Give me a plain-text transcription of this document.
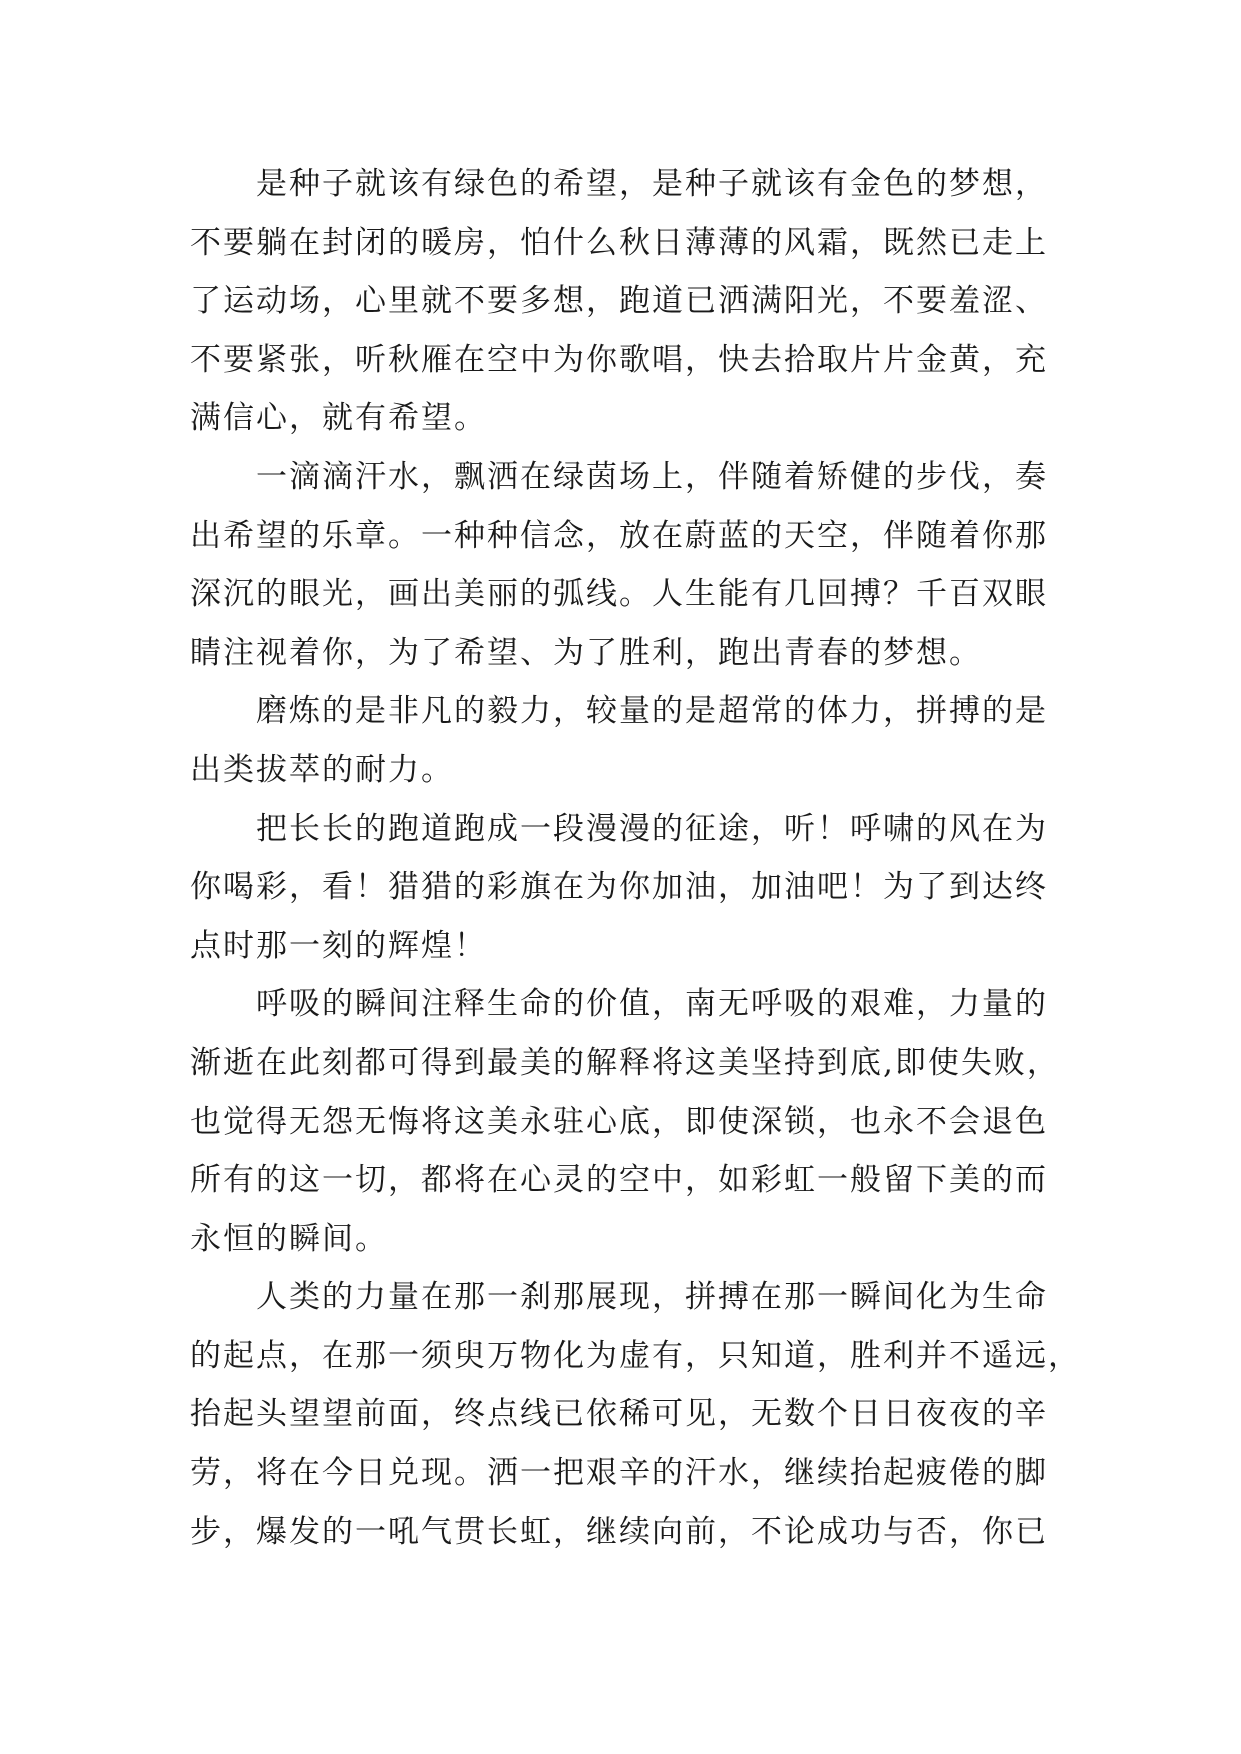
是种子就该有绿色的希望，是种子就该有金色的梦想，
不要躺在封闭的暖房，怕什么秋日薄薄的风霜，既然已走上
了运动场，心里就不要多想，跑道已洒满阳光，不要羞涩、
不要紧张，听秋雁在空中为你歌唱，快去拾取片片金黄，充
满信心，就有希望。
一滴滴汗水，飘洒在绿茵场上，伴随着矫健的步伐，奏
出希望的乐章。一种种信念，放在蔚蓝的天空，伴随着你那
深沉的眼光，画出美丽的弧线。人生能有几回搏？千百双眼
睛注视着你，为了希望、为了胜利，跑出青春的梦想。
磨炼的是非凡的毅力，较量的是超常的体力，拼搏的是
出类拔萃的耐力。
把长长的跑道跑成一段漫漫的征途，听！呼啸的风在为
你喝彩，看！猎猎的彩旗在为你加油，加油吧！为了到达终
点时那一刻的辉煌！
呼吸的瞬间注释生命的价值，南无呼吸的艰难，力量的
渐逝在此刻都可得到最美的解释将这美坚持到底,即使失败，
也觉得无怨无悔将这美永驻心底，即使深锁，也永不会退色
所有的这一切，都将在心灵的空中，如彩虹一般留下美的而
永恒的瞬间。
人类的力量在那一刹那展现，拼搏在那一瞬间化为生命
的起点，在那一须臾万物化为虚有，只知道，胜利并不遥远，
抬起头望望前面，终点线已依稀可见，无数个日日夜夜的辛
劳，将在今日兑现。洒一把艰辛的汗水，继续抬起疲倦的脚
步，爆发的一吼气贯长虹，继续向前，不论成功与否，你已
